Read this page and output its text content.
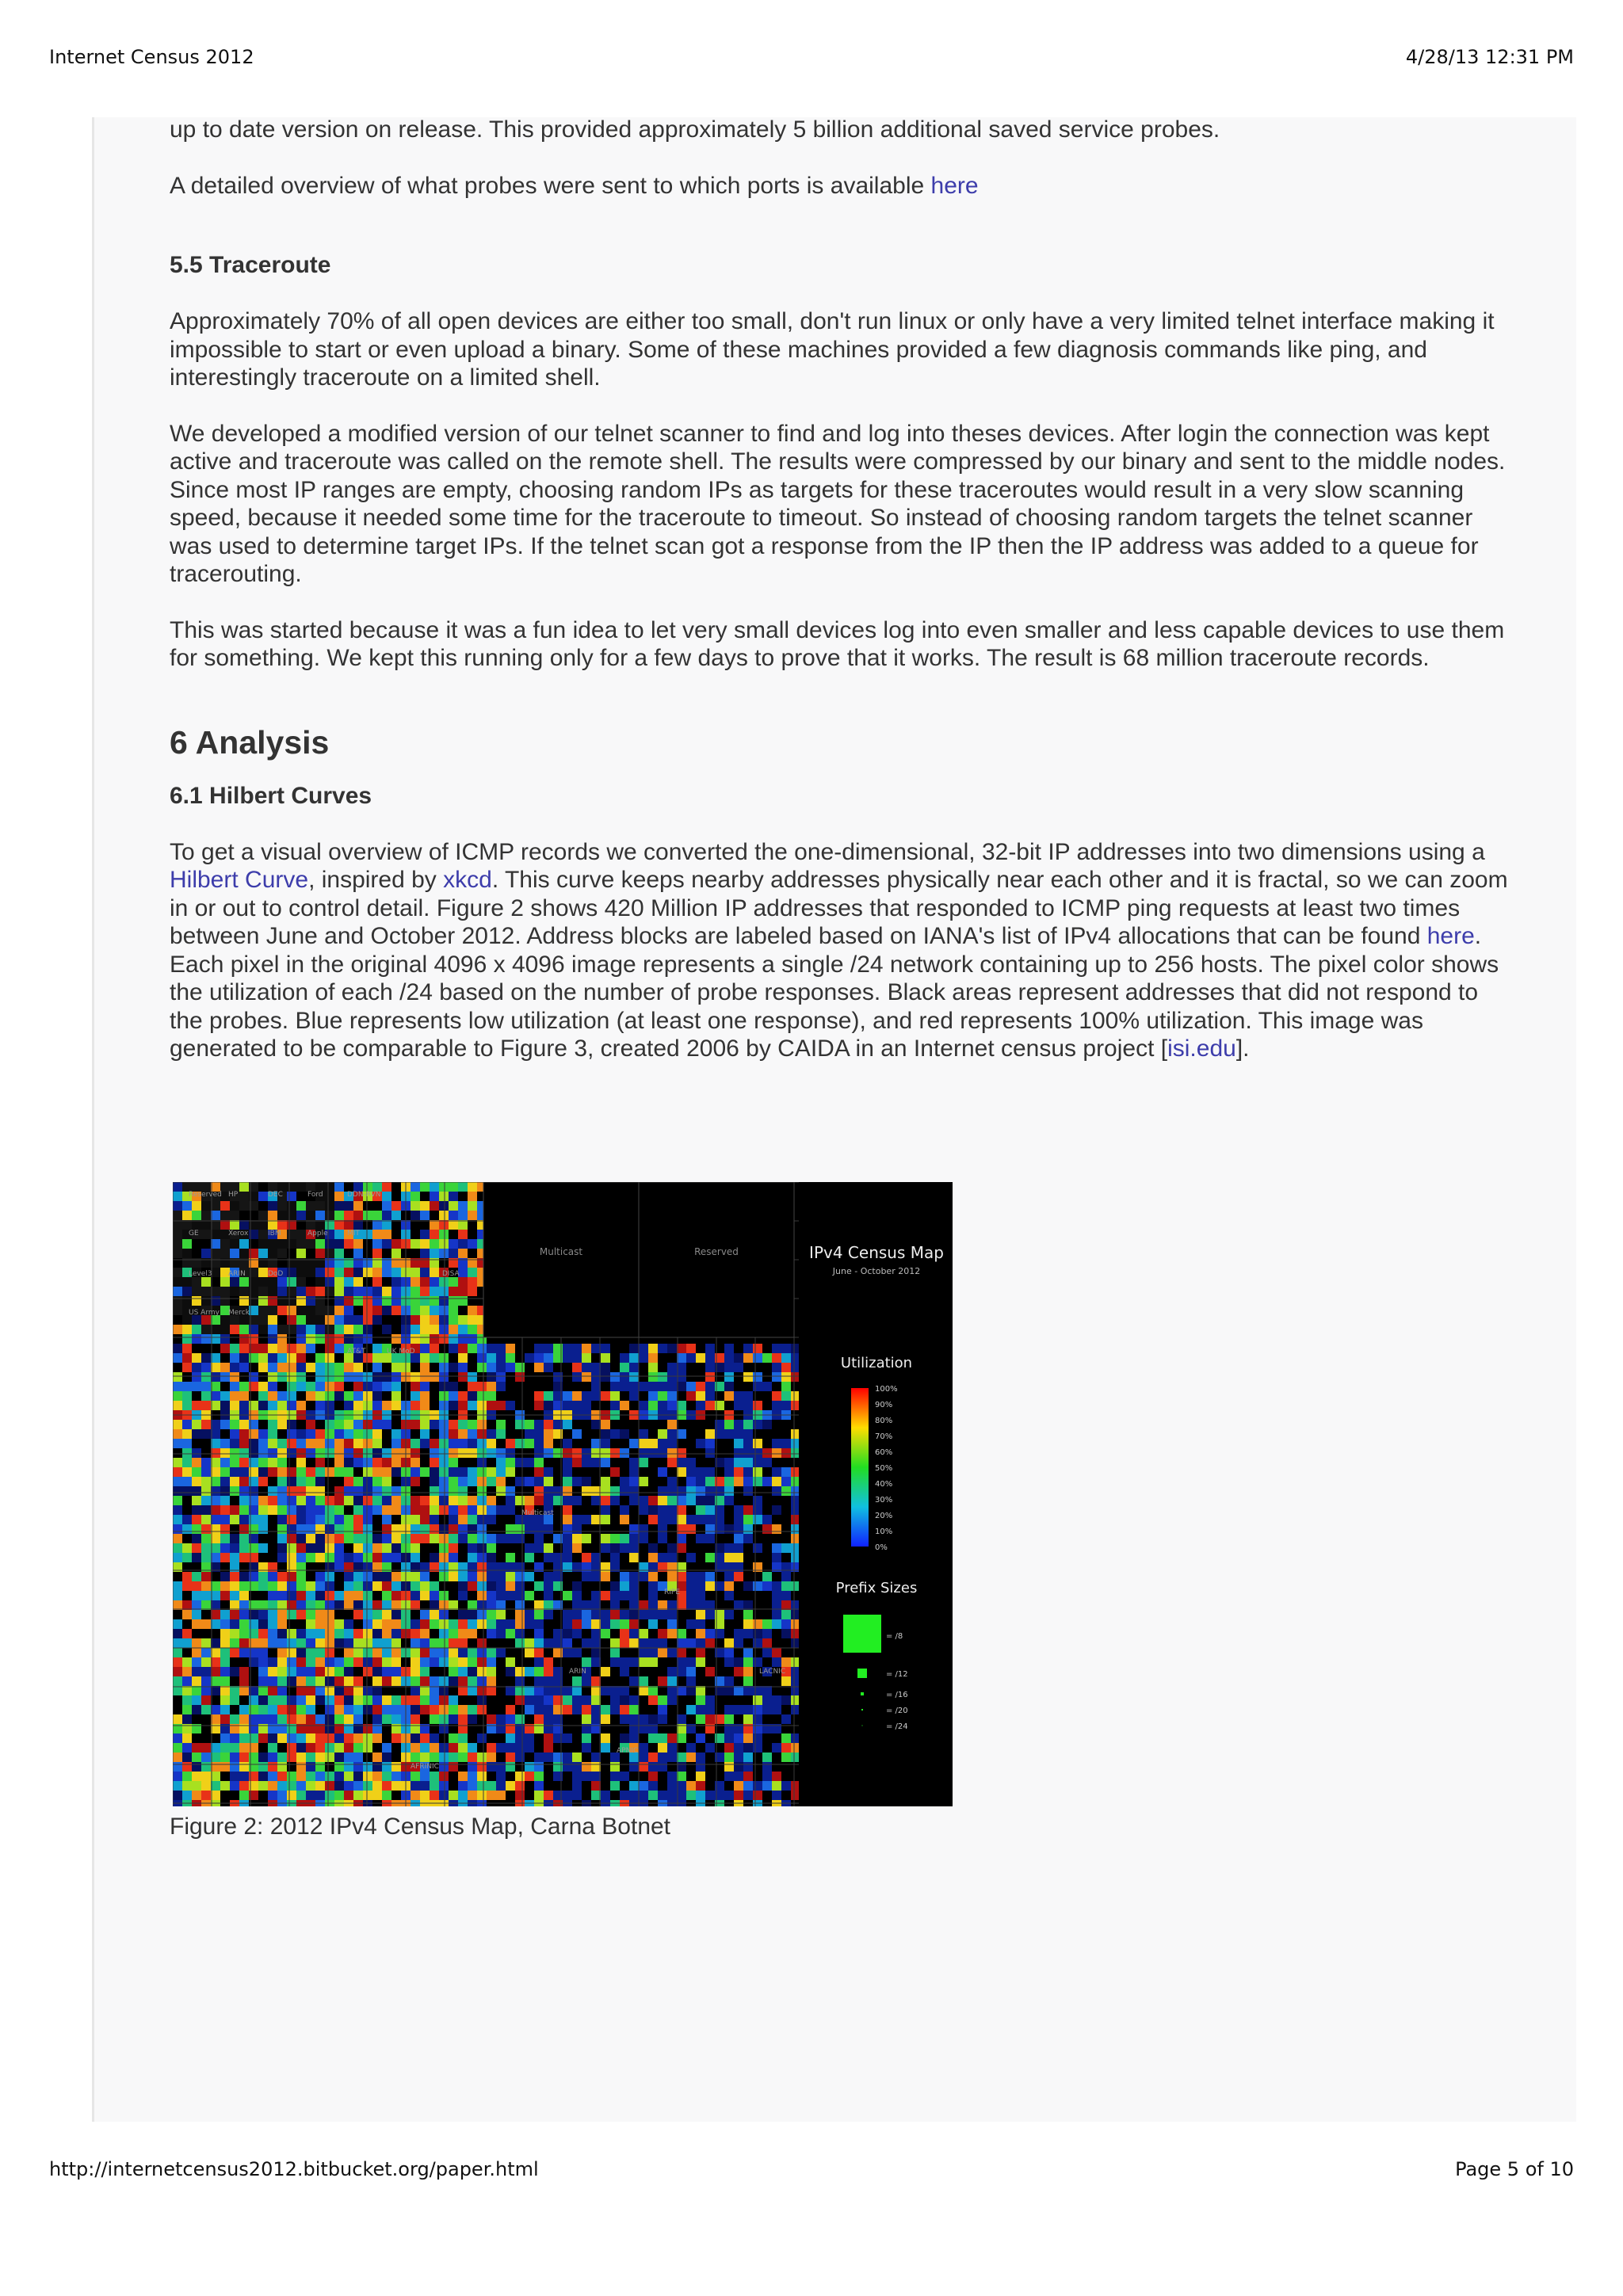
Internet Census 2012	4/28/13 12:31 PM

up to date version on release. This provided approximately 5 billion additional saved service probes.

A detailed overview of what probes were sent to which ports is available here

5.5 Traceroute

Approximately 70% of all open devices are either too small, don't run linux or only have a very limited telnet interface making it impossible to start or even upload a binary. Some of these machines provided a few diagnosis commands like ping, and interestingly traceroute on a limited shell.

We developed a modified version of our telnet scanner to find and log into theses devices. After login the connection was kept active and traceroute was called on the remote shell. The results were compressed by our binary and sent to the middle nodes. Since most IP ranges are empty, choosing random IPs as targets for these traceroutes would result in a very slow scanning speed, because it needed some time for the traceroute to timeout. So instead of choosing random targets the telnet scanner was used to determine target IPs. If the telnet scan got a response from the IP then the IP address was added to a queue for tracerouting.

This was started because it was a fun idea to let very small devices log into even smaller and less capable devices to use them for something. We kept this running only for a few days to prove that it works. The result is 68 million traceroute records.

6 Analysis
6.1 Hilbert Curves

To get a visual overview of ICMP records we converted the one-dimensional, 32-bit IP addresses into two dimensions using a Hilbert Curve, inspired by xkcd. This curve keeps nearby addresses physically near each other and it is fractal, so we can zoom in or out to control detail. Figure 2 shows 420 Million IP addresses that responded to ICMP ping requests at least two times between June and October 2012. Address blocks are labeled based on IANA's list of IPv4 allocations that can be found here. Each pixel in the original 4096 x 4096 image represents a single /24 network containing up to 256 hosts. The pixel color shows the utilization of each /24 based on the number of probe responses. Black areas represent addresses that did not respond to the probes. Blue represents low utilization (at least one response), and red represents 100% utilization. This image was generated to be comparable to Figure 3, created 2006 by CAIDA in an Internet census project [isi.edu].

Multicast	Reserved
Reserved HP	DEC	Ford	DDN-RVN
GE	Xerox	IBM	Apple	MIT
DISA
Level3 ARIN	DoD
US Army Merck
AT&T	UK MoD
Multicast
ARIN
APNIC
RIPE
LACNIC
AFRINIC
IPv4 Census Map
June - October 2012
Utilization
100%
90%
80%
70%
60%
50%
40%
30%
20%
10%
0%
Prefix Sizes
= /8
= /12
= /16
= /20
= /24
Figure 2: 2012 IPv4 Census Map, Carna Botnet
http://internetcensus2012.bitbucket.org/paper.html	Page 5 of 10
